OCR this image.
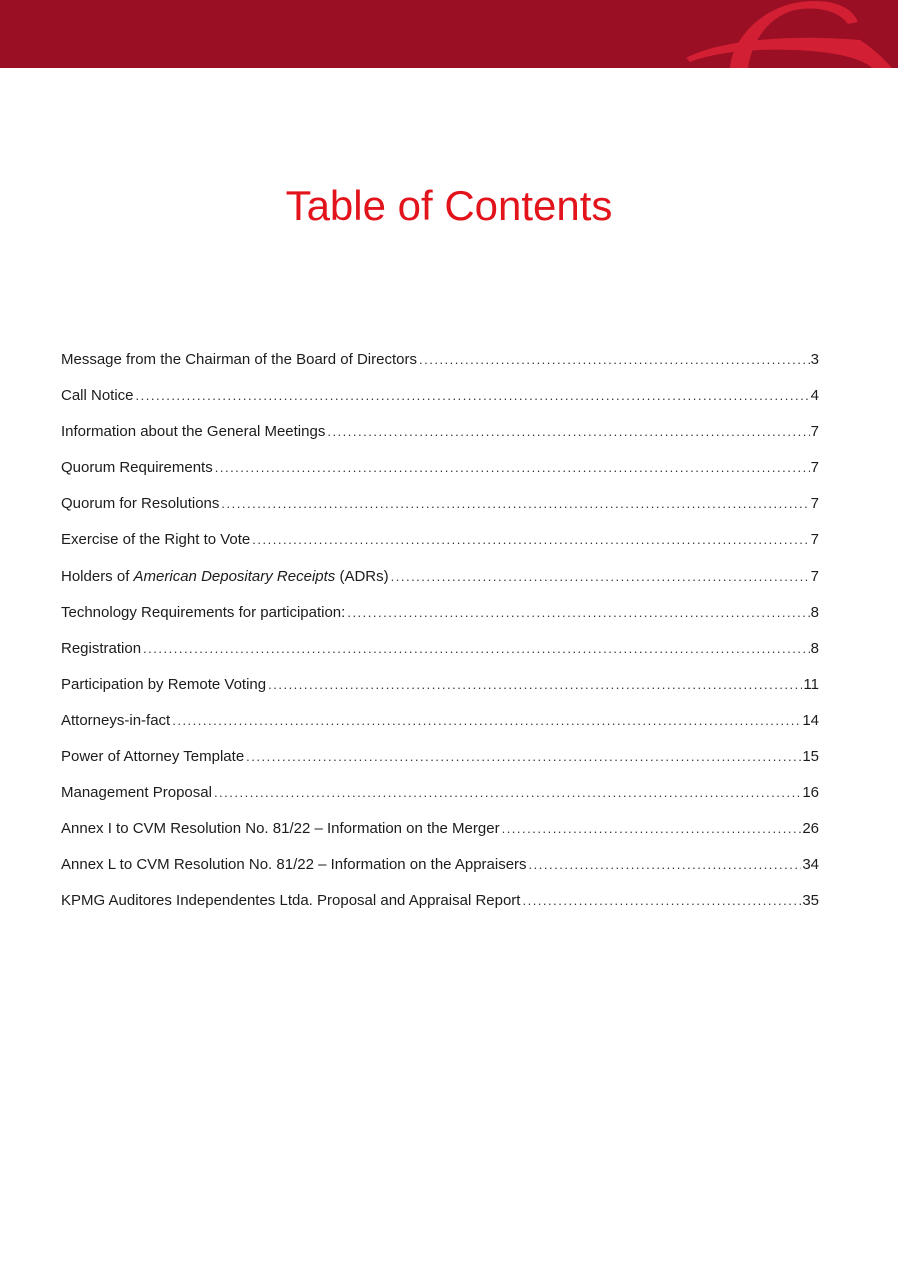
Table of Contents
Message from the Chairman of the Board of Directors .....	3
Call Notice .....	4
Information about the General Meetings .....	7
Quorum Requirements .....	7
Quorum for Resolutions .....	7
Exercise of the Right to Vote .....	7
Holders of American Depositary Receipts (ADRs) .....	7
Technology Requirements for participation: .....	8
Registration .....	8
Participation by Remote Voting .....	11
Attorneys-in-fact .....	14
Power of Attorney Template .....	15
Management Proposal .....	16
Annex I to CVM Resolution No. 81/22 – Information on the Merger .....	26
Annex L to CVM Resolution No. 81/22 – Information on the Appraisers .....	34
KPMG Auditores Independentes Ltda. Proposal and Appraisal Report .....	35
